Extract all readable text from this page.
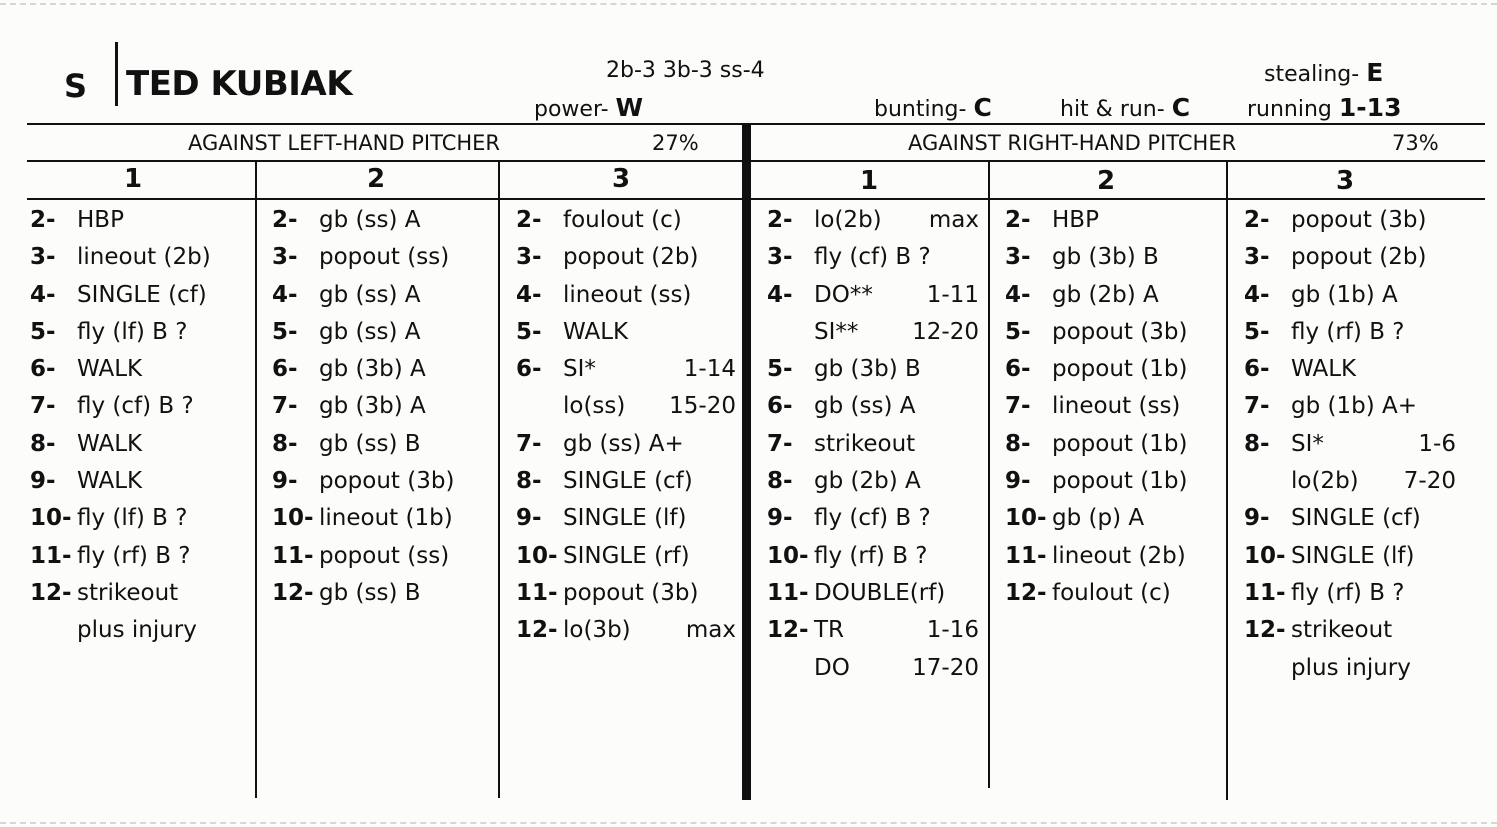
S TED KUBIAK	2b-3 3b-3 ss-4
power- W	bunting- C	hit & run- C
stealing- E
running 1-13
AGAINST LEFT-HAND PITCHER	27%	AGAINST RIGHT-HAND PITCHER	73%
1	2	3	1	2	3
2- HBP
3- lineout (2b)
4- SINGLE (cf)
5- fly (lf) B ?
6- WALK
7- fly (cf) B ?
8- WALK
9- WALK
10- fly (lf) B ?
11- fly (rf) B ?
12- strikeout
plus injury
2- gb (ss) A
3- popout (ss)
4- gb (ss) A
5- gb (ss) A
6- gb (3b) A
7- gb (3b) A
8- gb (ss) B
9- popout (3b)
10- lineout (1b)
11- popout (ss)
12- gb (ss) B
2- foulout (c)
3- popout (2b)
4- lineout (ss)
5- WALK
6- SI*	1-14
lo(ss) 15-20
7- gb (ss) A+
8- SINGLE (cf)
9- SINGLE (lf)
10- SINGLE (rf)
11- popout (3b)
12- lo(3b) max
2- lo(2b) max
3- fly (cf) B ?
4- DO** 1-11
SI** 12-20
5- gb (3b) B
6- gb (ss) A
7- strikeout
8- gb (2b) A
9- fly (cf) B ?
10- fly (rf) B ?
11- DOUBLE(rf)
12- TR	1-16
DO	17-20
2- HBP
3- gb (3b) B
4- gb (2b) A
5- popout (3b)
6- popout (1b)
7- lineout (ss)
8- popout (1b)
9- popout (1b)
10- gb (p) A
11- lineout (2b)
12- foulout (c)
2- popout (3b)
3- popout (2b)
4- gb (1b) A
5- fly (rf) B ?
6- WALK
7- gb (1b) A+
8- SI*	1-6
lo(2b) 7-20
9- SINGLE (cf)
10- SINGLE (lf)
11- fly (rf) B ?
12- strikeout
plus injury
